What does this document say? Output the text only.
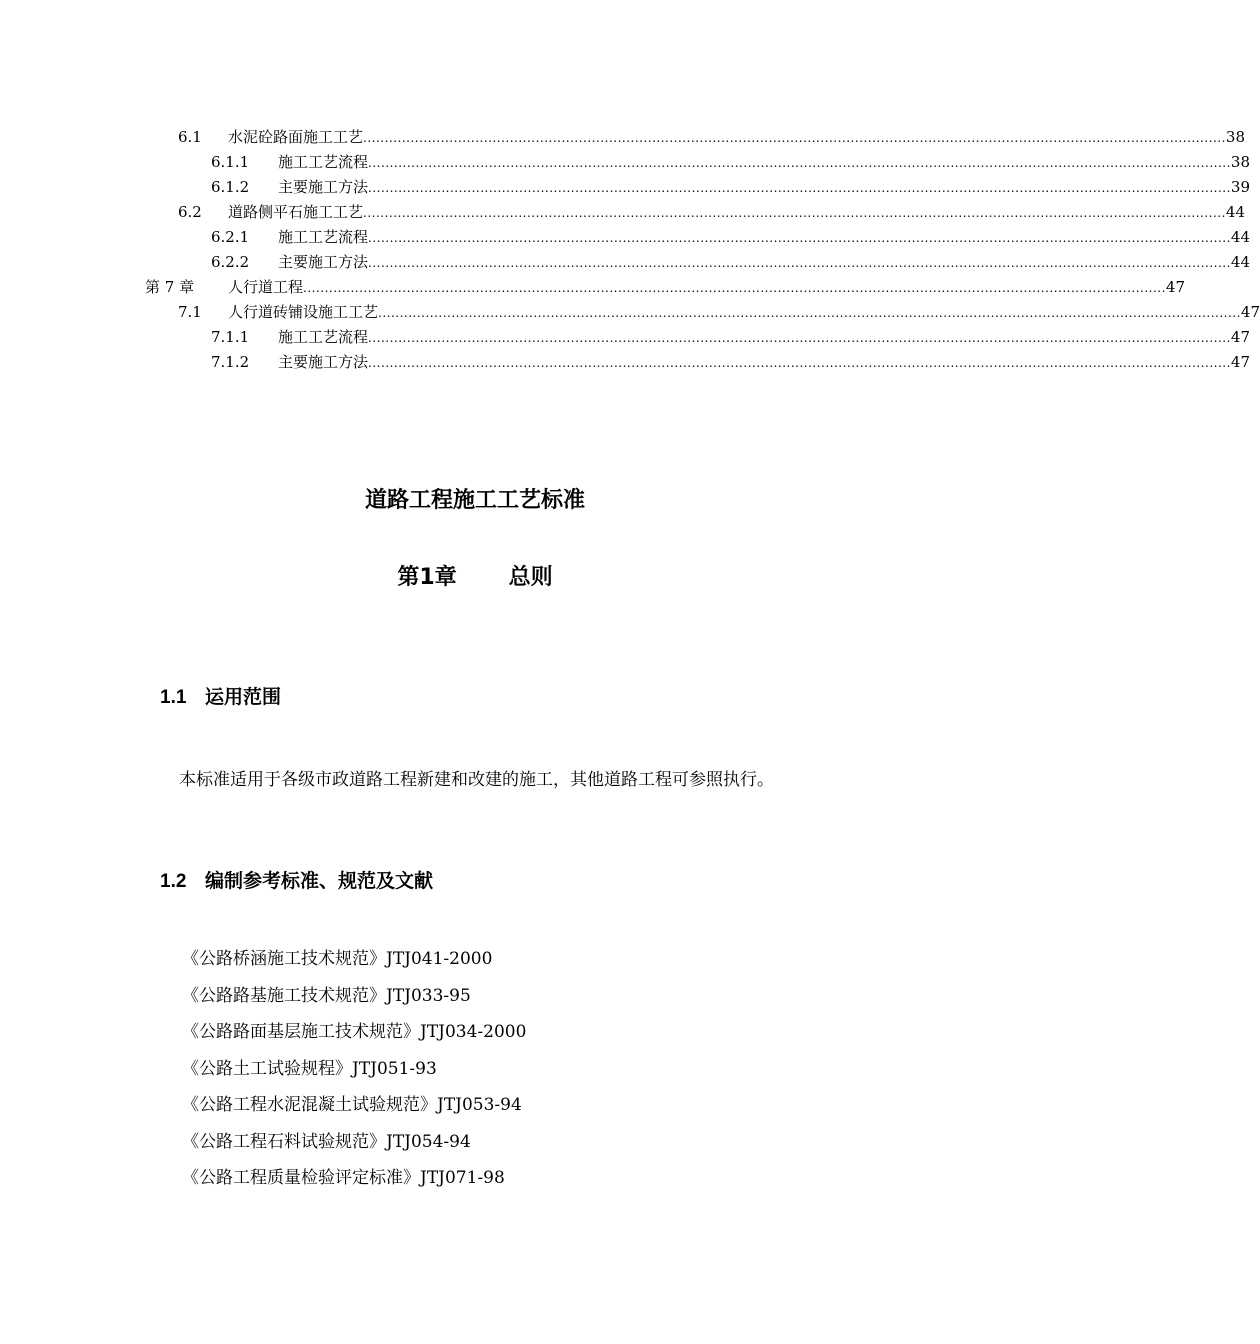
6.1 水泥砼路面施工工艺 ........................................................................................................................................................................................................ 38
6.1.1 施工工艺流程 ........................................................................................................................................................................................................ 38
6.1.2 主要施工方法 ........................................................................................................................................................................................................ 39
6.2 道路侧平石施工工艺 ........................................................................................................................................................................................................ 44
6.2.1 施工工艺流程 ........................................................................................................................................................................................................ 44
6.2.2 主要施工方法 ........................................................................................................................................................................................................ 44
第 7 章 人行道工程 ........................................................................................................................................................................................................ 47
7.1 人行道砖铺设施工工艺 ........................................................................................................................................................................................................ 47
7.1.1 施工工艺流程 ........................................................................................................................................................................................................ 47
7.1.2 主要施工方法 ........................................................................................................................................................................................................ 47
道路工程施工工艺标准
第1章 总则
1.1 运用范围
本标准适用于各级市政道路工程新建和改建的施工，其他道路工程可参照执行。
1.2 编制参考标准、规范及文献
《公路桥涵施工技术规范》JTJ041-2000
《公路路基施工技术规范》JTJ033-95
《公路路面基层施工技术规范》JTJ034-2000
《公路土工试验规程》JTJ051-93
《公路工程水泥混凝土试验规范》JTJ053-94
《公路工程石料试验规范》JTJ054-94
《公路工程质量检验评定标准》JTJ071-98
